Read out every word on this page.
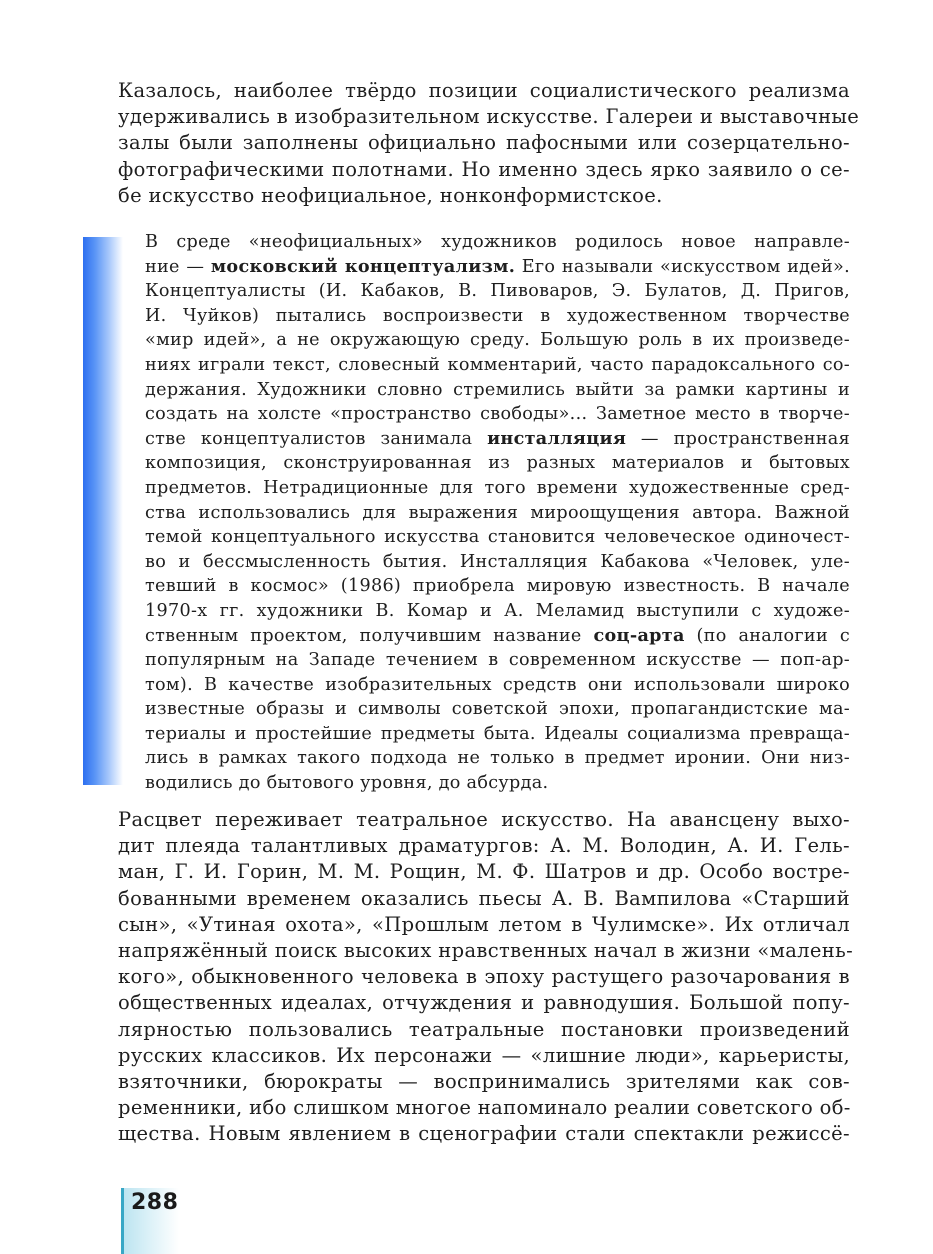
Казалось, наиболее твёрдо позиции социалистического реализма
удерживались в изобразительном искусстве. Галереи и выставочные
залы были заполнены официально пафосными или созерцательно-
фотографическими полотнами. Но именно здесь ярко заявило о се-
бе искусство неофициальное, нонконформистское.
В среде «неофициальных» художников родилось новое направле-
ние — московский концептуализм. Его называли «искусством идей».
Концептуалисты (И. Кабаков, В. Пивоваров, Э. Булатов, Д. Пригов,
И. Чуйков) пытались воспроизвести в художественном творчестве
«мир идей», а не окружающую среду. Большую роль в их произведе-
ниях играли текст, словесный комментарий, часто парадоксального со-
держания. Художники словно стремились выйти за рамки картины и
создать на холсте «пространство свободы»... Заметное место в творче-
стве концептуалистов занимала инсталляция — пространственная
композиция, сконструированная из разных материалов и бытовых
предметов. Нетрадиционные для того времени художественные сред-
ства использовались для выражения мироощущения автора. Важной
темой концептуального искусства становится человеческое одиночест-
во и бессмысленность бытия. Инсталляция Кабакова «Человек, уле-
тевший в космос» (1986) приобрела мировую известность. В начале
1970-х гг. художники В. Комар и А. Меламид выступили с художе-
ственным проектом, получившим название соц-арта (по аналогии с
популярным на Западе течением в современном искусстве — поп-ар-
том). В качестве изобразительных средств они использовали широко
известные образы и символы советской эпохи, пропагандистские ма-
териалы и простейшие предметы быта. Идеалы социализма превраща-
лись в рамках такого подхода не только в предмет иронии. Они низ-
водились до бытового уровня, до абсурда.
Расцвет переживает театральное искусство. На авансцену выхо-
дит плеяда талантливых драматургов: А. М. Володин, А. И. Гель-
ман, Г. И. Горин, М. М. Рощин, М. Ф. Шатров и др. Особо востре-
бованными временем оказались пьесы А. В. Вампилова «Старший
сын», «Утиная охота», «Прошлым летом в Чулимске». Их отличал
напряжённый поиск высоких нравственных начал в жизни «малень-
кого», обыкновенного человека в эпоху растущего разочарования в
общественных идеалах, отчуждения и равнодушия. Большой попу-
лярностью пользовались театральные постановки произведений
русских классиков. Их персонажи — «лишние люди», карьеристы,
взяточники, бюрократы — воспринимались зрителями как сов-
ременники, ибо слишком многое напоминало реалии советского об-
щества. Новым явлением в сценографии стали спектакли режиссё-
288
